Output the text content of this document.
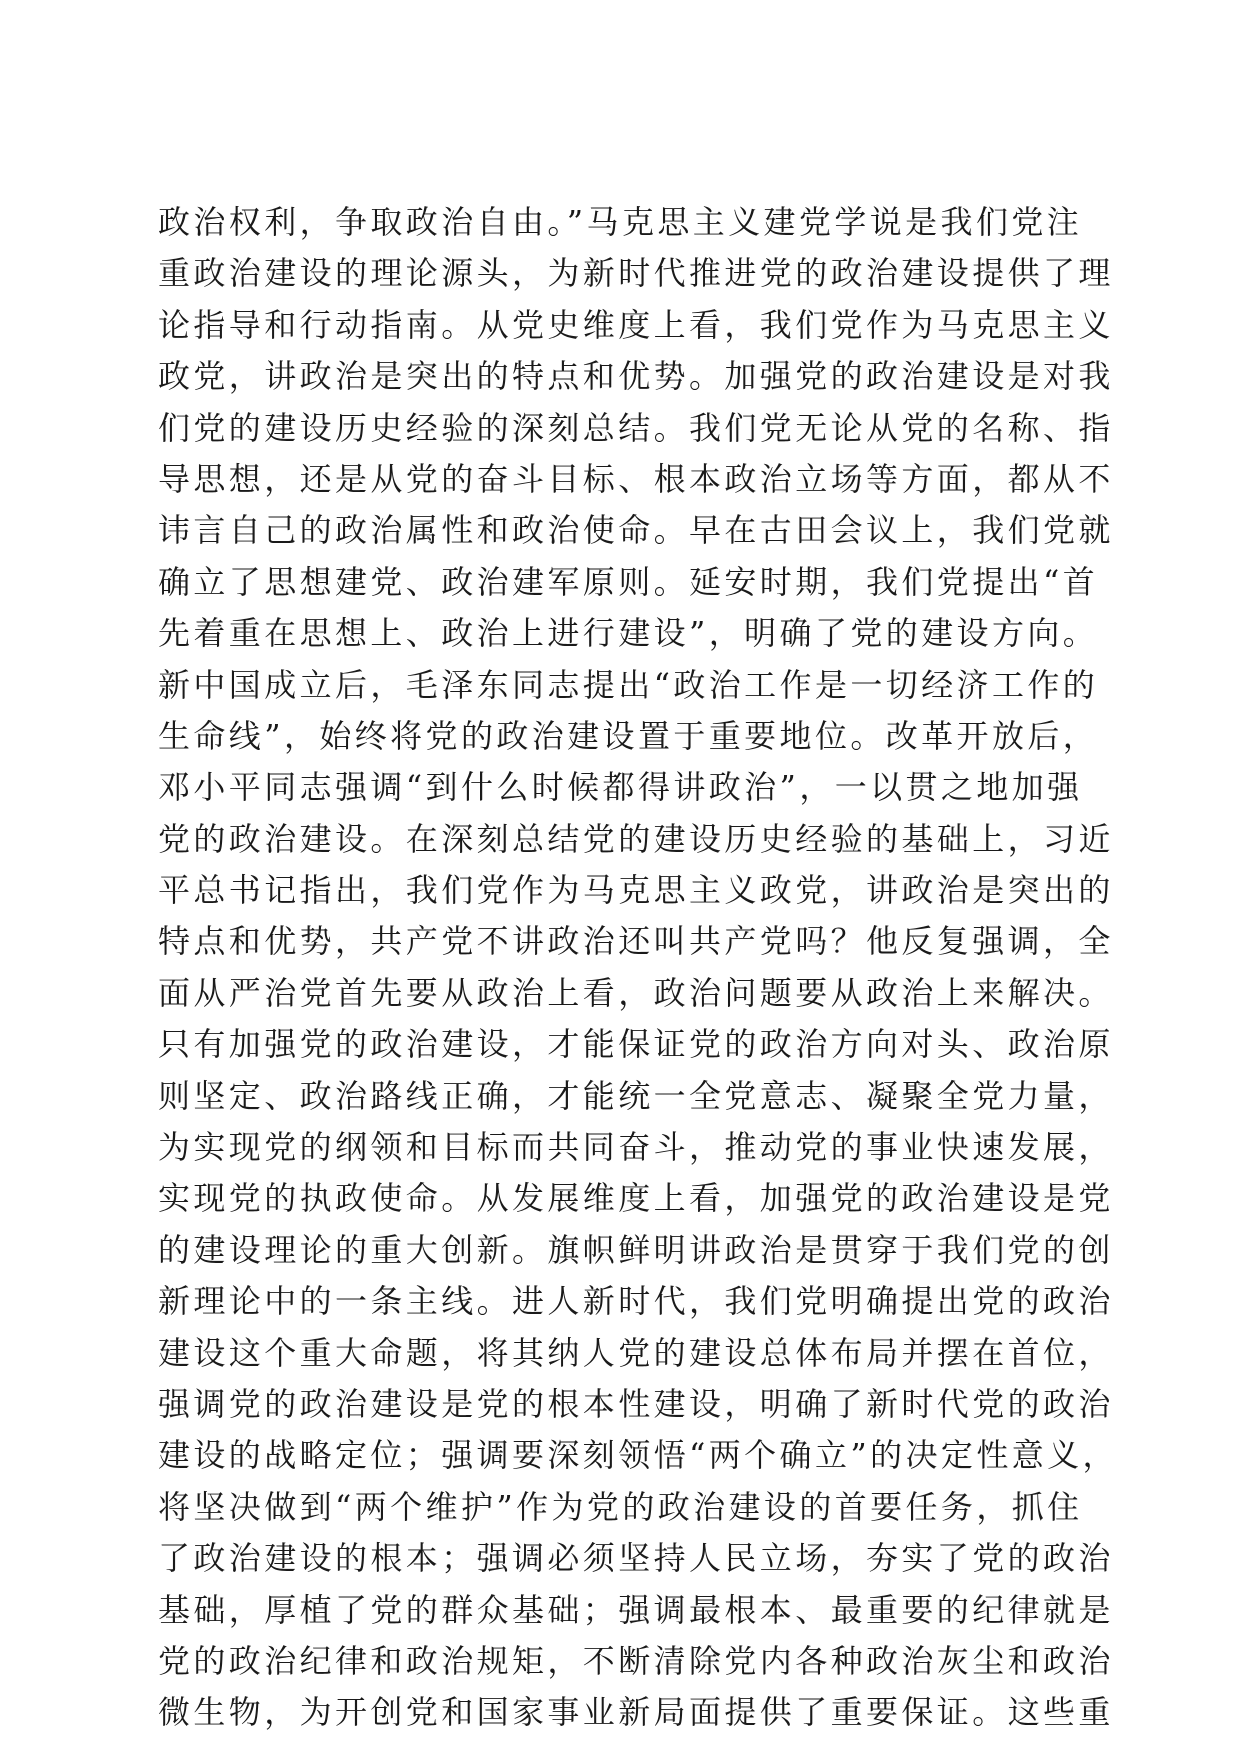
政治权利，争取政治自由。”马克思主义建党学说是我们党注
重政治建设的理论源头，为新时代推进党的政治建设提供了理
论指导和行动指南。从党史维度上看，我们党作为马克思主义
政党，讲政治是突出的特点和优势。加强党的政治建设是对我
们党的建设历史经验的深刻总结。我们党无论从党的名称、指
导思想，还是从党的奋斗目标、根本政治立场等方面，都从不
讳言自己的政治属性和政治使命。早在古田会议上，我们党就
确立了思想建党、政治建军原则。延安时期，我们党提出“首
先着重在思想上、政治上进行建设”，明确了党的建设方向。
新中国成立后，毛泽东同志提出“政治工作是一切经济工作的
生命线”，始终将党的政治建设置于重要地位。改革开放后，
邓小平同志强调“到什么时候都得讲政治”，一以贯之地加强
党的政治建设。在深刻总结党的建设历史经验的基础上，习近
平总书记指出，我们党作为马克思主义政党，讲政治是突出的
特点和优势，共产党不讲政治还叫共产党吗？他反复强调，全
面从严治党首先要从政治上看，政治问题要从政治上来解决。
只有加强党的政治建设，才能保证党的政治方向对头、政治原
则坚定、政治路线正确，才能统一全党意志、凝聚全党力量，
为实现党的纲领和目标而共同奋斗，推动党的事业快速发展，
实现党的执政使命。从发展维度上看，加强党的政治建设是党
的建设理论的重大创新。旗帜鲜明讲政治是贯穿于我们党的创
新理论中的一条主线。进人新时代，我们党明确提出党的政治
建设这个重大命题，将其纳人党的建设总体布局并摆在首位，
强调党的政治建设是党的根本性建设，明确了新时代党的政治
建设的战略定位；强调要深刻领悟“两个确立”的决定性意义，
将坚决做到“两个维护”作为党的政治建设的首要任务，抓住
了政治建设的根本；强调必须坚持人民立场，夯实了党的政治
基础，厚植了党的群众基础；强调最根本、最重要的纪律就是
党的政治纪律和政治规矩，不断清除党内各种政治灰尘和政治
微生物，为开创党和国家事业新局面提供了重要保证。这些重
